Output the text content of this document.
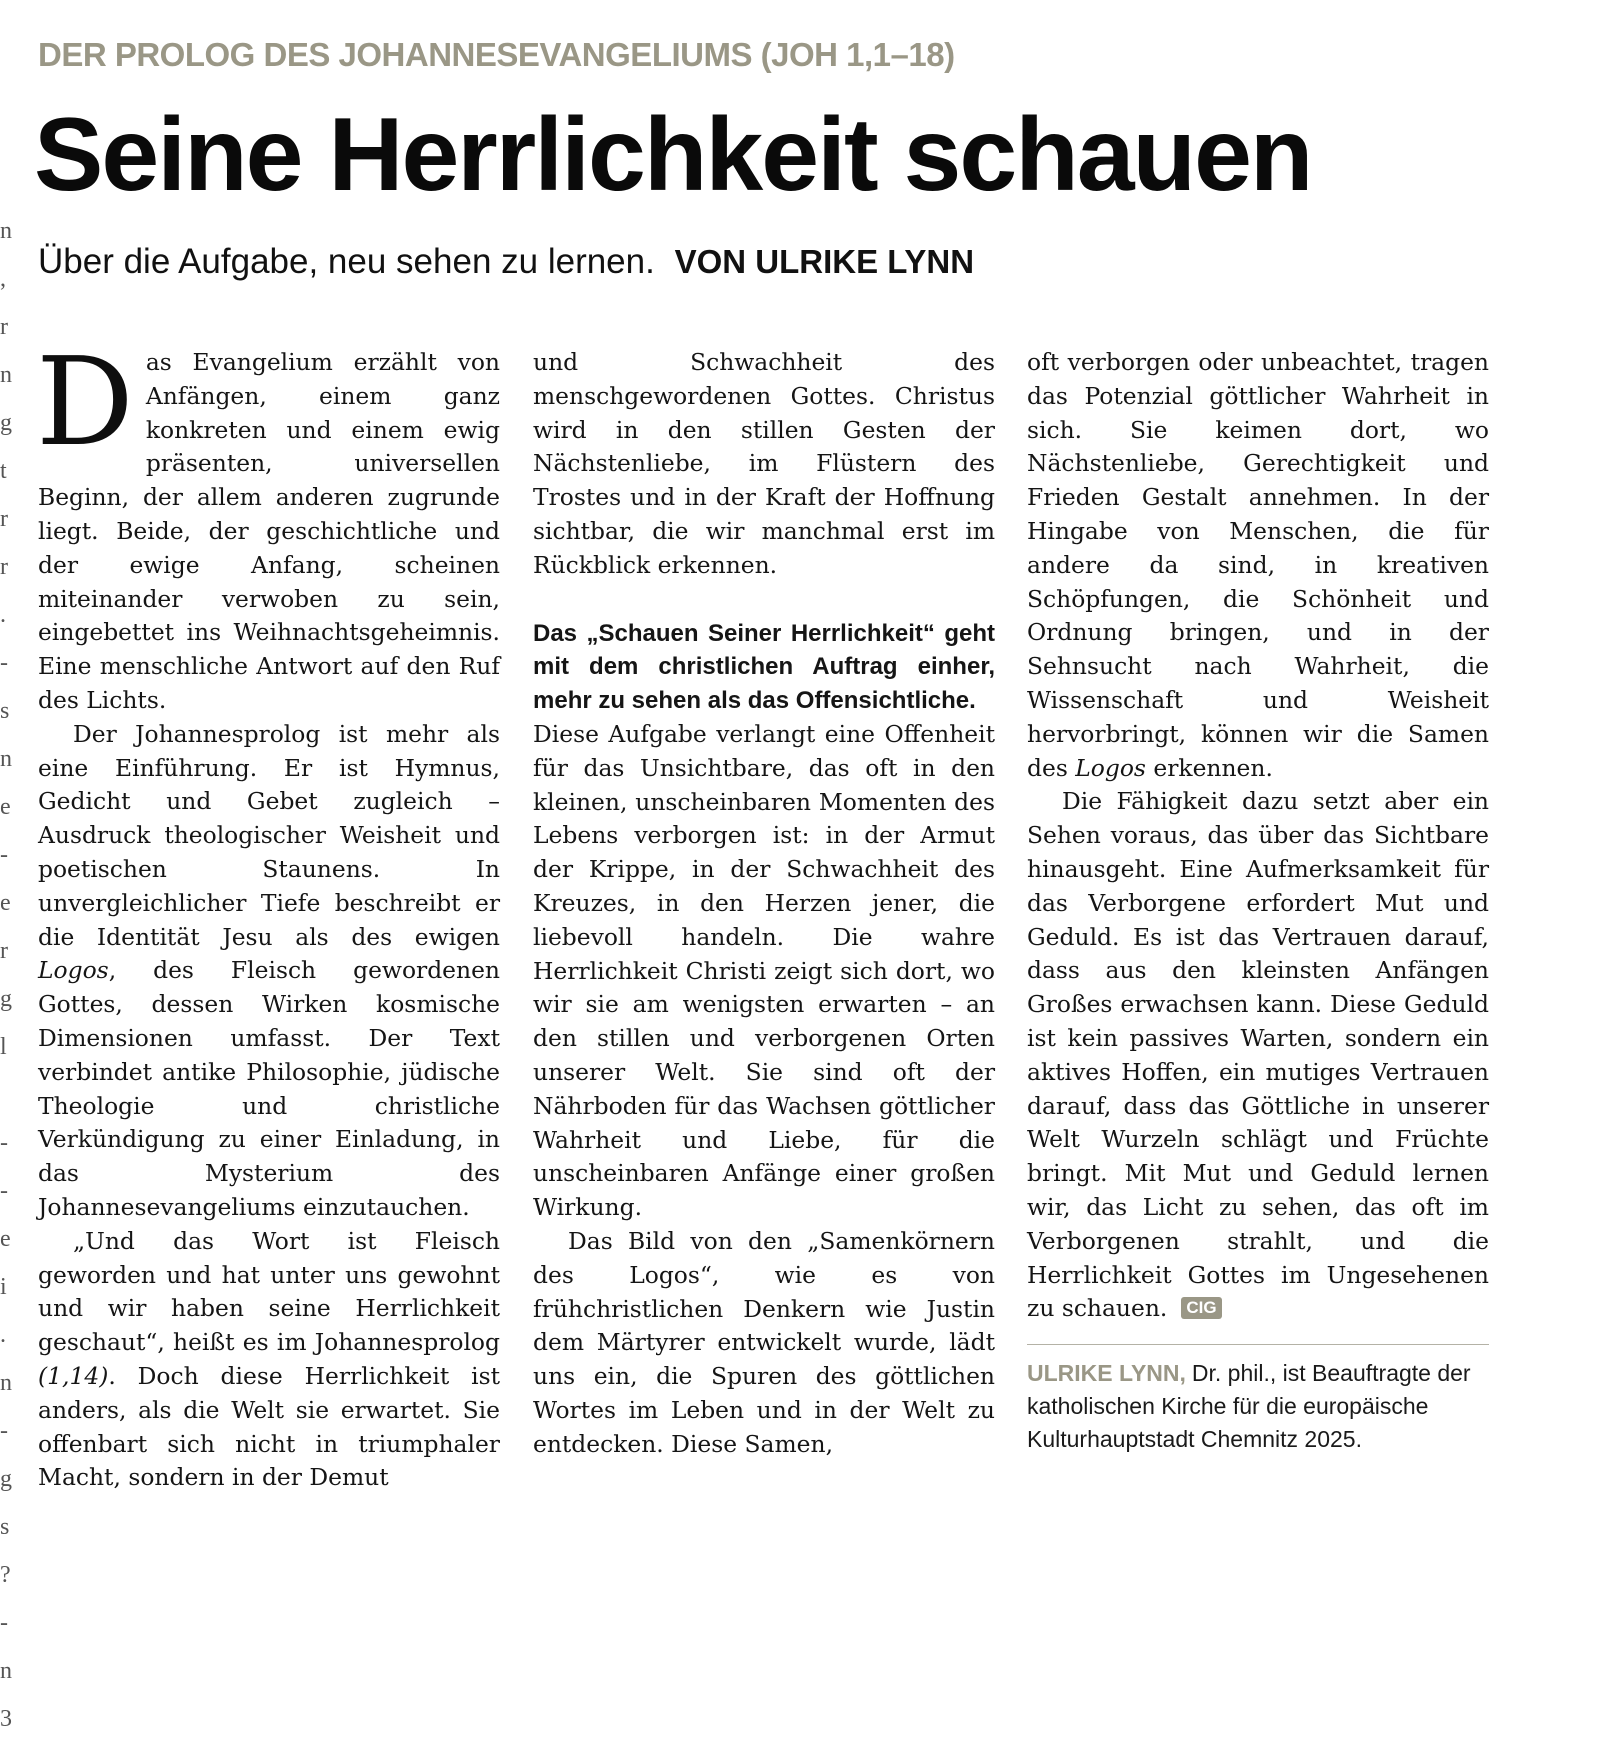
DER PROLOG DES JOHANNESEVANGELIUMS (JOH 1,1–18)
Seine Herrlichkeit schauen
Über die Aufgabe, neu sehen zu lernen. VON ULRIKE LYNN
n
,
r
n
g
t
r
r
.
-
s
n
e
-
e
r
g
l
-
-
e
i
.
n
-
g
s
?
-
n
3

Das Evangelium erzählt von Anfängen, einem ganz konkreten und einem ewig präsenten, universellen Beginn, der allem anderen zugrunde liegt. Beide, der geschichtliche und der ewige Anfang, scheinen miteinander verwoben zu sein, eingebettet ins Weihnachtsgeheimnis. Eine menschliche Antwort auf den Ruf des Lichts.

Der Johannesprolog ist mehr als eine Einführung. Er ist Hymnus, Gedicht und Gebet zugleich – Ausdruck theologischer Weisheit und poetischen Staunens. In unvergleichlicher Tiefe beschreibt er die Identität Jesu als des ewigen Logos, des Fleisch gewordenen Gottes, dessen Wirken kosmische Dimensionen umfasst. Der Text verbindet antike Philosophie, jüdische Theologie und christliche Verkündigung zu einer Einladung, in das Mysterium des Johannesevangeliums einzutauchen.

„Und das Wort ist Fleisch geworden und hat unter uns gewohnt und wir haben seine Herrlichkeit geschaut“, heißt es im Johannesprolog (1,14). Doch diese Herrlichkeit ist anders, als die Welt sie erwartet. Sie offenbart sich nicht in triumphaler Macht, sondern in der Demut

und Schwachheit des menschgewordenen Gottes. Christus wird in den stillen Gesten der Nächstenliebe, im Flüstern des Trostes und in der Kraft der Hoffnung sichtbar, die wir manchmal erst im Rückblick erkennen.

Das „Schauen Seiner Herrlichkeit“ geht mit dem christlichen Auftrag einher, mehr zu sehen als das Offensichtliche.

Diese Aufgabe verlangt eine Offenheit für das Unsichtbare, das oft in den kleinen, unscheinbaren Momenten des Lebens verborgen ist: in der Armut der Krippe, in der Schwachheit des Kreuzes, in den Herzen jener, die liebevoll handeln. Die wahre Herrlichkeit Christi zeigt sich dort, wo wir sie am wenigsten erwarten – an den stillen und verborgenen Orten unserer Welt. Sie sind oft der Nährboden für das Wachsen göttlicher Wahrheit und Liebe, für die unscheinbaren Anfänge einer großen Wirkung.

Das Bild von den „Samenkörnern des Logos“, wie es von frühchristlichen Denkern wie Justin dem Märtyrer entwickelt wurde, lädt uns ein, die Spuren des göttlichen Wortes im Leben und in der Welt zu entdecken. Diese Samen,

oft verborgen oder unbeachtet, tragen das Potenzial göttlicher Wahrheit in sich. Sie keimen dort, wo Nächstenliebe, Gerechtigkeit und Frieden Gestalt annehmen. In der Hingabe von Menschen, die für andere da sind, in kreativen Schöpfungen, die Schönheit und Ordnung bringen, und in der Sehnsucht nach Wahrheit, die Wissenschaft und Weisheit hervorbringt, können wir die Samen des Logos erkennen.

Die Fähigkeit dazu setzt aber ein Sehen voraus, das über das Sichtbare hinausgeht. Eine Aufmerksamkeit für das Verborgene erfordert Mut und Geduld. Es ist das Vertrauen darauf, dass aus den kleinsten Anfängen Großes erwachsen kann. Diese Geduld ist kein passives Warten, sondern ein aktives Hoffen, ein mutiges Vertrauen darauf, dass das Göttliche in unserer Welt Wurzeln schlägt und Früchte bringt. Mit Mut und Geduld lernen wir, das Licht zu sehen, das oft im Verborgenen strahlt, und die Herrlichkeit Gottes im Ungesehenen zu schauen. CIG

ULRIKE LYNN, Dr. phil., ist Beauftragte der katholischen Kirche für die europäische Kulturhauptstadt Chemnitz 2025.
